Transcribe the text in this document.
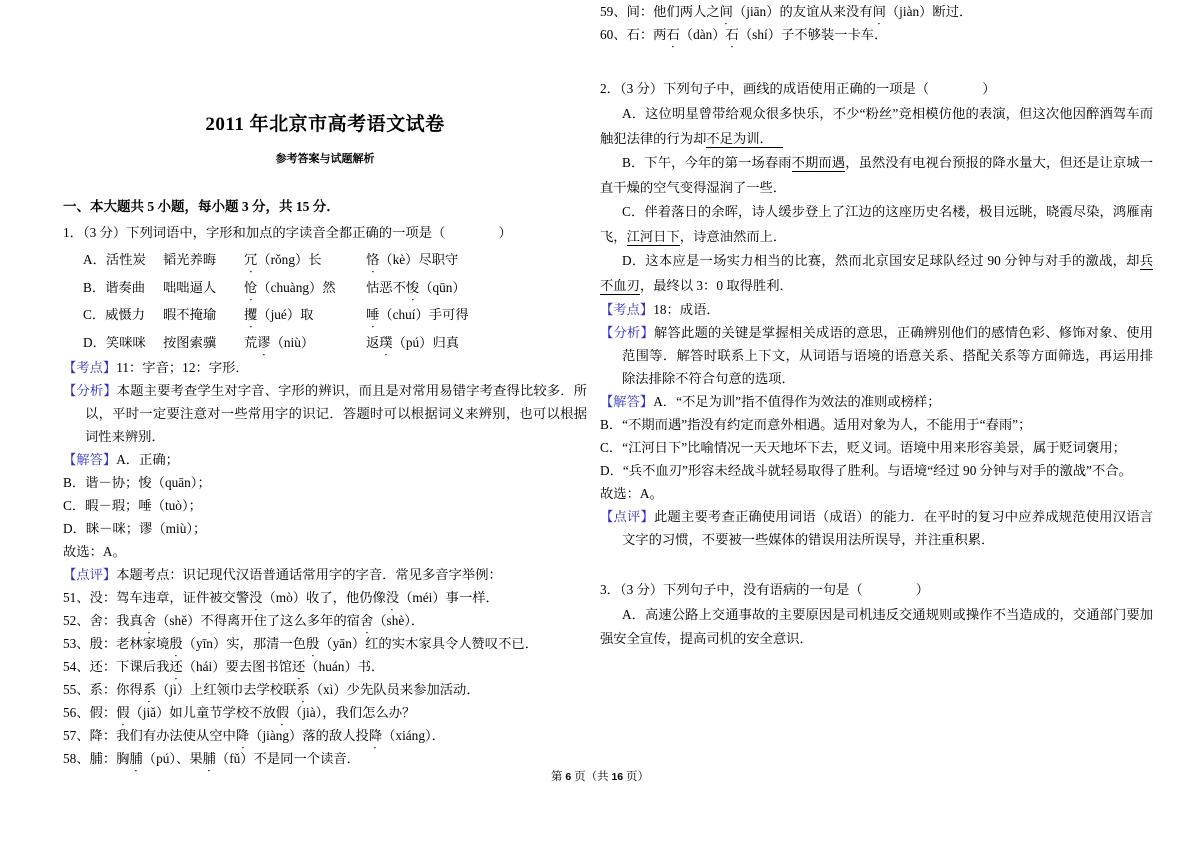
2011 年北京市高考语文试卷
参考答案与试题解析
一、本大题共 5 小题，每小题 3 分，共 15 分．
1．（3 分）下列词语中，字形和加点的字读音全都正确的一项是（　　　　）
A．活性炭	韬光养晦	冗 ●（rǒng）长	恪 ●（kè）尽职守
B．谐奏曲	咄咄逼人	怆 ●（chuàng）然	怙恶不悛 ●（qūn）
C．威慑力	暇不掩瑜	攫 ●（jué）取	唾 ●（chuí）手可得
D．笑咪咪	按图索骥	荒谬 ●（niù）	返璞 ●（pú）归真

【考点】11：字音；12：字形．

【分析】本题主要考查学生对字音、字形的辨识，而且是对常用易错字考查得比较多．所以，平时一定要注意对一些常用字的识记．答题时可以根据词义来辨别，也可以根据词性来辨别．

【解答】A．正确；

B．谐－协；悛（quān）；

C．暇－瑕；唾（tuò）；

D．眯－咪；谬（miù）；

故选：A。

【点评】本题考点：识记现代汉语普通话常用字的字音．常见多音字举例：

51、没：驾车违章，证件被交警没 ●（mò）收了，他仍像没 ●（méi）事一样．

52、舍：我真舍 ●（shě）不得离开住了这么多年的宿舍 ●（shè）．

53、殷：老林家境殷 ●（yīn）实，那清一色殷 ●（yān）红的实木家具令人赞叹不已．

54、还：下课后我还 ●（hái）要去图书馆还 ●（huán）书．

55、系：你得系 ●（jì）上红领巾去学校联系 ●（xì）少先队员来参加活动．

56、假：假 ●（jiǎ）如儿童节学校不放假 ●（jià），我们怎么办？

57、降：我们有办法使从空中降 ●（jiàng）落的敌人投降 ●（xiáng）．

58、脯：胸脯 ●（pú）、果脯 ●（fǔ）不是同一个读音．

59、间：他们两人之间 ●（jiān）的友谊从来没有间 ●（jiàn）断过．

60、石：两石 ●（dàn）石 ●（shí）子不够装一卡车．

2．（3 分）下列句子中，画线的成语使用正确的一项是（　　　　）

A．这位明星曾带给观众很多快乐，不少“粉丝”竞相模仿他的表演，但这次他因醉酒驾车而触犯法律的行为却不足为训．

B．下午，今年的第一场春雨不期而遇，虽然没有电视台预报的降水量大，但还是让京城一直干燥的空气变得湿润了一些．

C．伴着落日的余晖，诗人缓步登上了江边的这座历史名楼，极目远眺，晓霞尽染，鸿雁南飞，江河日下，诗意油然而上．

D．这本应是一场实力相当的比赛，然而北京国安足球队经过 90 分钟与对手的激战，却兵不血刃，最终以 3：0 取得胜利．

【考点】18：成语．

【分析】解答此题的关键是掌握相关成语的意思，正确辨别他们的感情色彩、修饰对象、使用范围等．解答时联系上下文，从词语与语境的语意关系、搭配关系等方面筛选，再运用排除法排除不符合句意的选项．

【解答】A．“不足为训”指不值得作为效法的准则或榜样；

B．“不期而遇”指没有约定而意外相遇。适用对象为人，不能用于“春雨”；

C．“江河日下”比喻情况一天天地坏下去，贬义词。语境中用来形容美景，属于贬词褒用；

D．“兵不血刃”形容未经战斗就轻易取得了胜利。与语境“经过 90 分钟与对手的激战”不合。

故选：A。

【点评】此题主要考查正确使用词语（成语）的能力．在平时的复习中应养成规范使用汉语言文字的习惯，不要被一些媒体的错误用法所误导，并注重积累．

3．（3 分）下列句子中，没有语病的一句是（　　　　）

A．高速公路上交通事故的主要原因是司机违反交通规则或操作不当造成的，交通部门要加强安全宣传，提高司机的安全意识．

第 6 页（共 16 页）
